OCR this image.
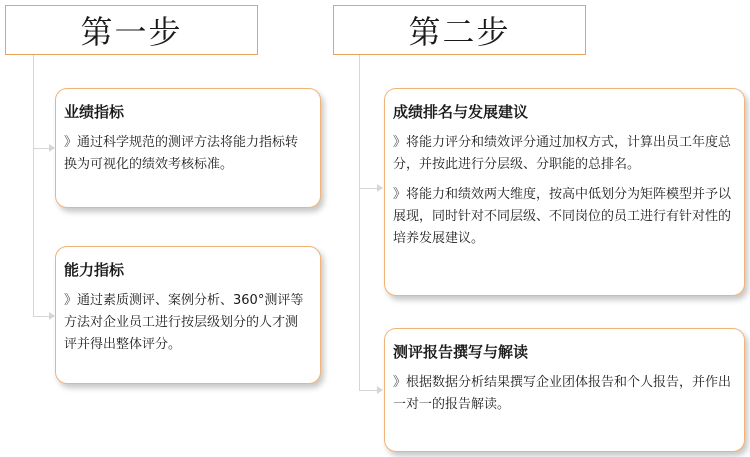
第一步	第二步
业绩指标

》通过科学规范的测评方法将能力指标转换为可视化的绩效考核标准。

能力指标

》通过素质测评、案例分析、360°测评等方法对企业员工进行按层级划分的人才测评并得出整体评分。

成绩排名与发展建议

》将能力评分和绩效评分通过加权方式，计算出员工年度总分，并按此进行分层级、分职能的总排名。

》将能力和绩效两大维度，按高中低划分为矩阵模型并予以展现，同时针对不同层级、不同岗位的员工进行有针对性的培养发展建议。

测评报告撰写与解读

》根据数据分析结果撰写企业团体报告和个人报告，并作出一对一的报告解读。
